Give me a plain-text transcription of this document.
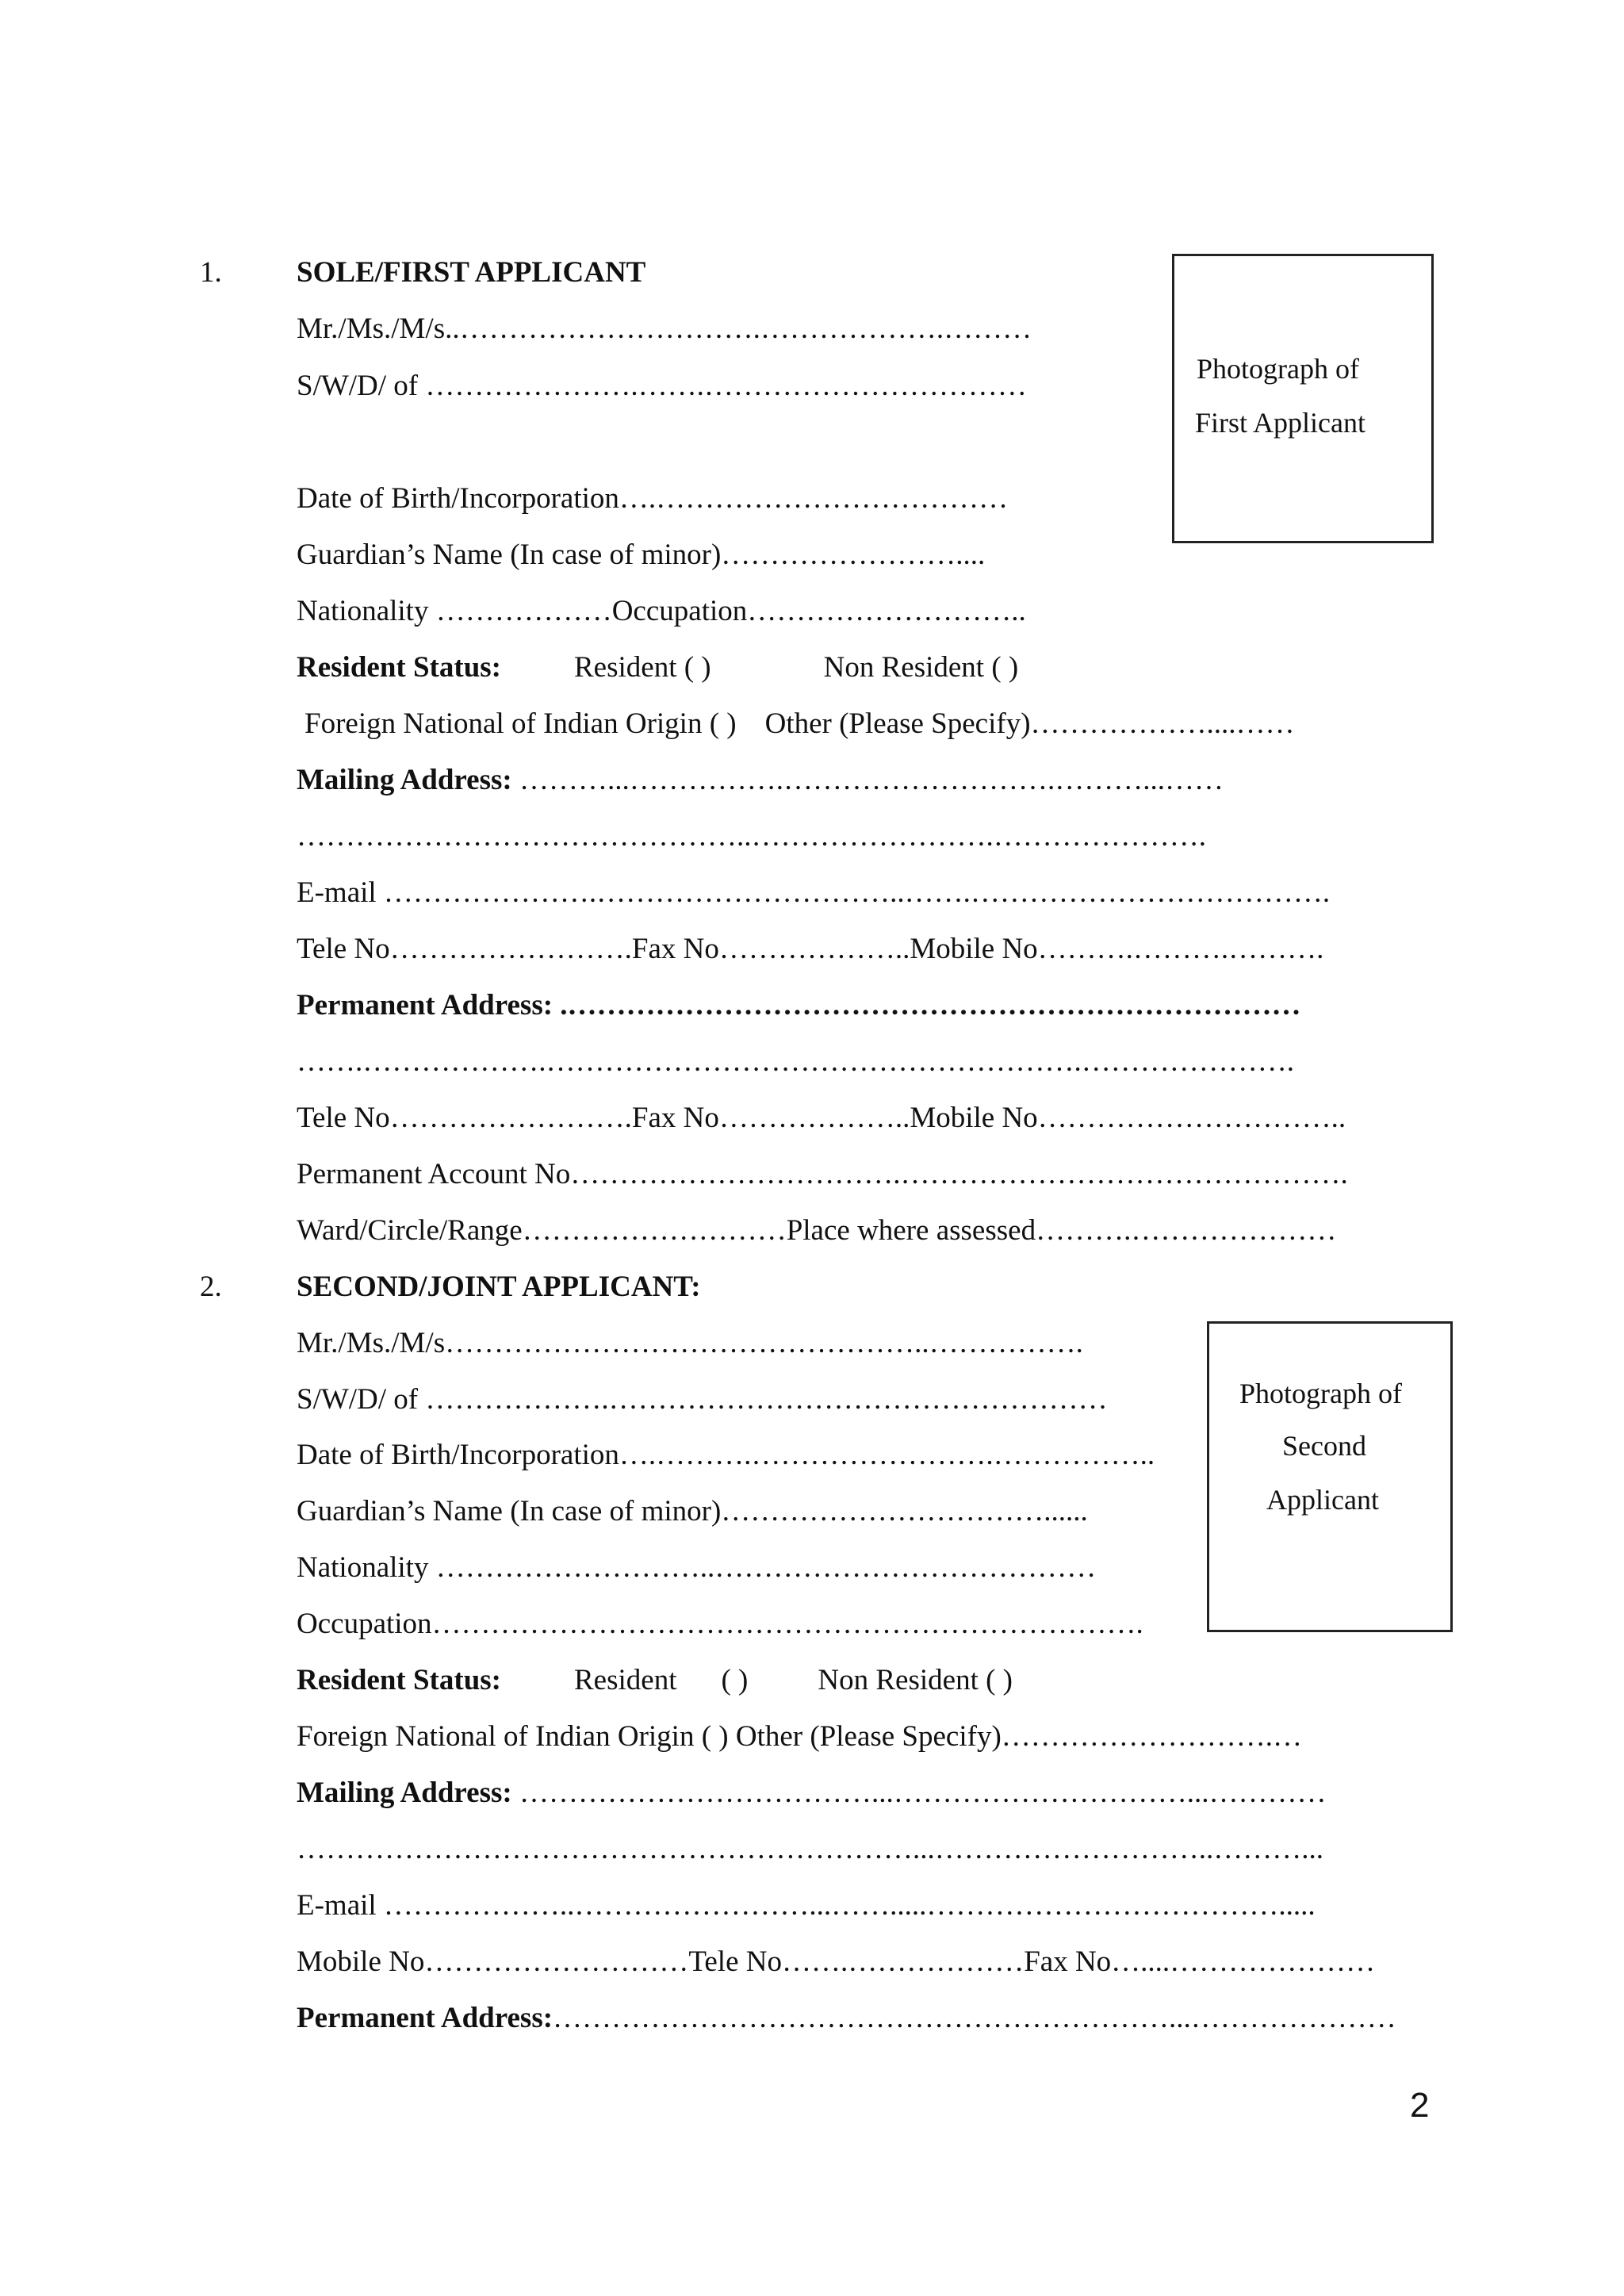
1.	SOLE/FIRST APPLICANT
Mr./Ms./M/s..………………………….……………….………
S/W/D/ of ………………….…….……………………………
Date of Birth/Incorporation….………………………………
Guardian’s Name (In case of minor)……………………....
Nationality ………………Occupation………………………..
Resident Status: Resident ( )	Non Resident ( )
Foreign National of Indian Origin ( ) Other (Please Specify)………………....……
Mailing Address: ………...…………….……………………….………...……
………………………………………..…………………….………………….
E-mail ………………….…………………………..…….……………………………….
Tele No…………………….Fax No………………..Mobile No……….……….……….
Permanent Address: .…………………………………………………………………
…….……………….……………………………………………….………………….
Tele No…………………….Fax No………………..Mobile No…………………………..
Permanent Account No…………………………….……………………………………….
Ward/Circle/Range………………………Place where assessed……….…………………
Photograph of
First Applicant
2.	SECOND/JOINT APPLICANT:
Mr./Ms./M/s…………………………………………..…………….
S/W/D/ of ……………….……………………………………………
Date of Birth/Incorporation….……….…………………….……………..
Guardian’s Name (In case of minor)……………………………......
Nationality ………………………..…………………………………
Occupation……………………………………………………………….
Resident Status: Resident ( ) Non Resident ( )
Foreign National of Indian Origin ( ) Other (Please Specify)……………………….…
Mailing Address: ………………………………...…………………………...…………
………………………………………………………...………………………..………...
E-mail ………………..……………………...…….....……………………………….....
Mobile No………………………Tele No…….………………Fax No…....…………………
Permanent Address:………………………………………………………...…………………
Photograph of
Second
Applicant
2
